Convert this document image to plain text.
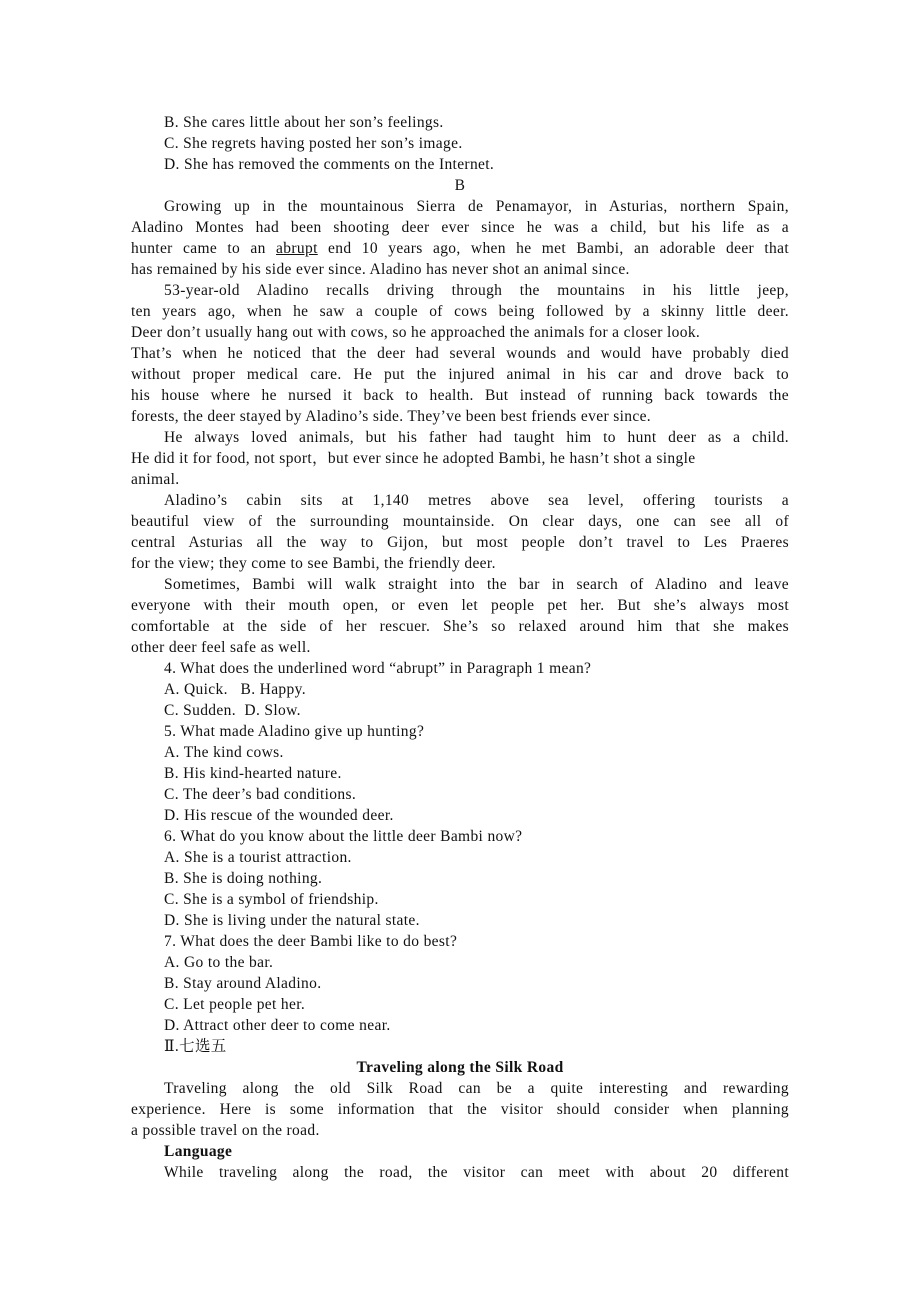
B. She cares little about her son’s feelings.
C. She regrets having posted her son’s image.
D. She has removed the comments on the Internet.
B
Growing up in the mountainous Sierra de Penamayor, in Asturias, northern Spain,
Aladino Montes had been shooting deer ever since he was a child, but his life as a
hunter came to an abrupt end 10 years ago, when he met Bambi, an adorable deer that
has remained by his side ever since. Aladino has never shot an animal since.
53-year-old Aladino recalls driving through the mountains in his little jeep,
ten years ago, when he saw a couple of cows being followed by a skinny little deer.
Deer don’t usually hang out with cows, so he approached the animals for a closer look.
That’s when he noticed that the deer had several wounds and would have probably died
without proper medical care. He put the injured animal in his car and drove back to
his house where he nursed it back to health. But instead of running back towards the
forests, the deer stayed by Aladino’s side. They’ve been best friends ever since.
He always loved animals, but his father had taught him to hunt deer as a child.
He did it for food, not sport，but ever since he adopted Bambi, he hasn’t shot a single
animal.
Aladino’s cabin sits at 1,140 metres above sea level, offering tourists a
beautiful view of the surrounding mountainside. On clear days, one can see all of
central Asturias all the way to Gijon, but most people don’t travel to Les Praeres
for the view; they come to see Bambi, the friendly deer.
Sometimes, Bambi will walk straight into the bar in search of Aladino and leave
everyone with their mouth open, or even let people pet her. But she’s always most
comfortable at the side of her rescuer. She’s so relaxed around him that she makes
other deer feel safe as well.
4. What does the underlined word “abrupt” in Paragraph 1 mean?
A. Quick.   B. Happy.
C. Sudden.  D. Slow.
5. What made Aladino give up hunting?
A. The kind cows.
B. His kind-hearted nature.
C. The deer’s bad conditions.
D. His rescue of the wounded deer.
6. What do you know about the little deer Bambi now?
A. She is a tourist attraction.
B. She is doing nothing.
C. She is a symbol of friendship.
D. She is living under the natural state.
7. What does the deer Bambi like to do best?
A. Go to the bar.
B. Stay around Aladino.
C. Let people pet her.
D. Attract other deer to come near.
Ⅱ.七选五
Traveling along the Silk Road
Traveling along the old Silk Road can be a quite interesting and rewarding
experience. Here is some information that the visitor should consider when planning
a possible travel on the road.
Language
While traveling along the road, the visitor can meet with about 20 different
